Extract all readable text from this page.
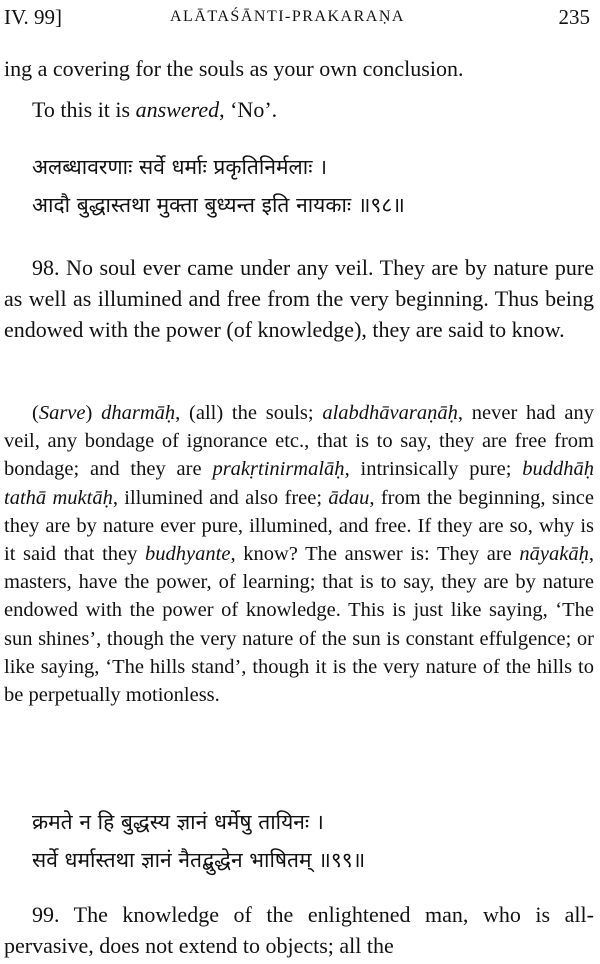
IV. 99]	ALĀTAŚĀNTI-PRAKARAṆA	235

ing a covering for the souls as your own conclusion.

To this it is answered, ‘No’.

अलब्धावरणाः सर्वे धर्माः प्रकृतिनिर्मलाः ।

आदौ बुद्धास्तथा मुक्ता बुध्यन्त इति नायकाः ॥९८॥

98. No soul ever came under any veil. They are by nature pure as well as illumined and free from the very beginning. Thus being endowed with the power (of knowledge), they are said to know.

(Sarve) dharmāḥ, (all) the souls; alabdhāvaraṇāḥ, never had any veil, any bondage of ignorance etc., that is to say, they are free from bondage; and they are prakṛtinirmalāḥ, intrinsically pure; buddhāḥ tathā muktāḥ, illumined and also free; ādau, from the beginning, since they are by nature ever pure, illumined, and free. If they are so, why is it said that they budhyante, know? The answer is: They are nāyakāḥ, masters, have the power, of learning; that is to say, they are by nature endowed with the power of knowledge. This is just like saying, ‘The sun shines’, though the very nature of the sun is constant effulgence; or like saying, ‘The hills stand’, though it is the very nature of the hills to be perpetually motionless.

क्रमते न हि बुद्धस्य ज्ञानं धर्मेषु तायिनः ।

सर्वे धर्मास्तथा ज्ञानं नैतद्बुद्धेन भाषितम् ॥९९॥

99. The knowledge of the enlightened man, who is all-pervasive, does not extend to objects; all the
